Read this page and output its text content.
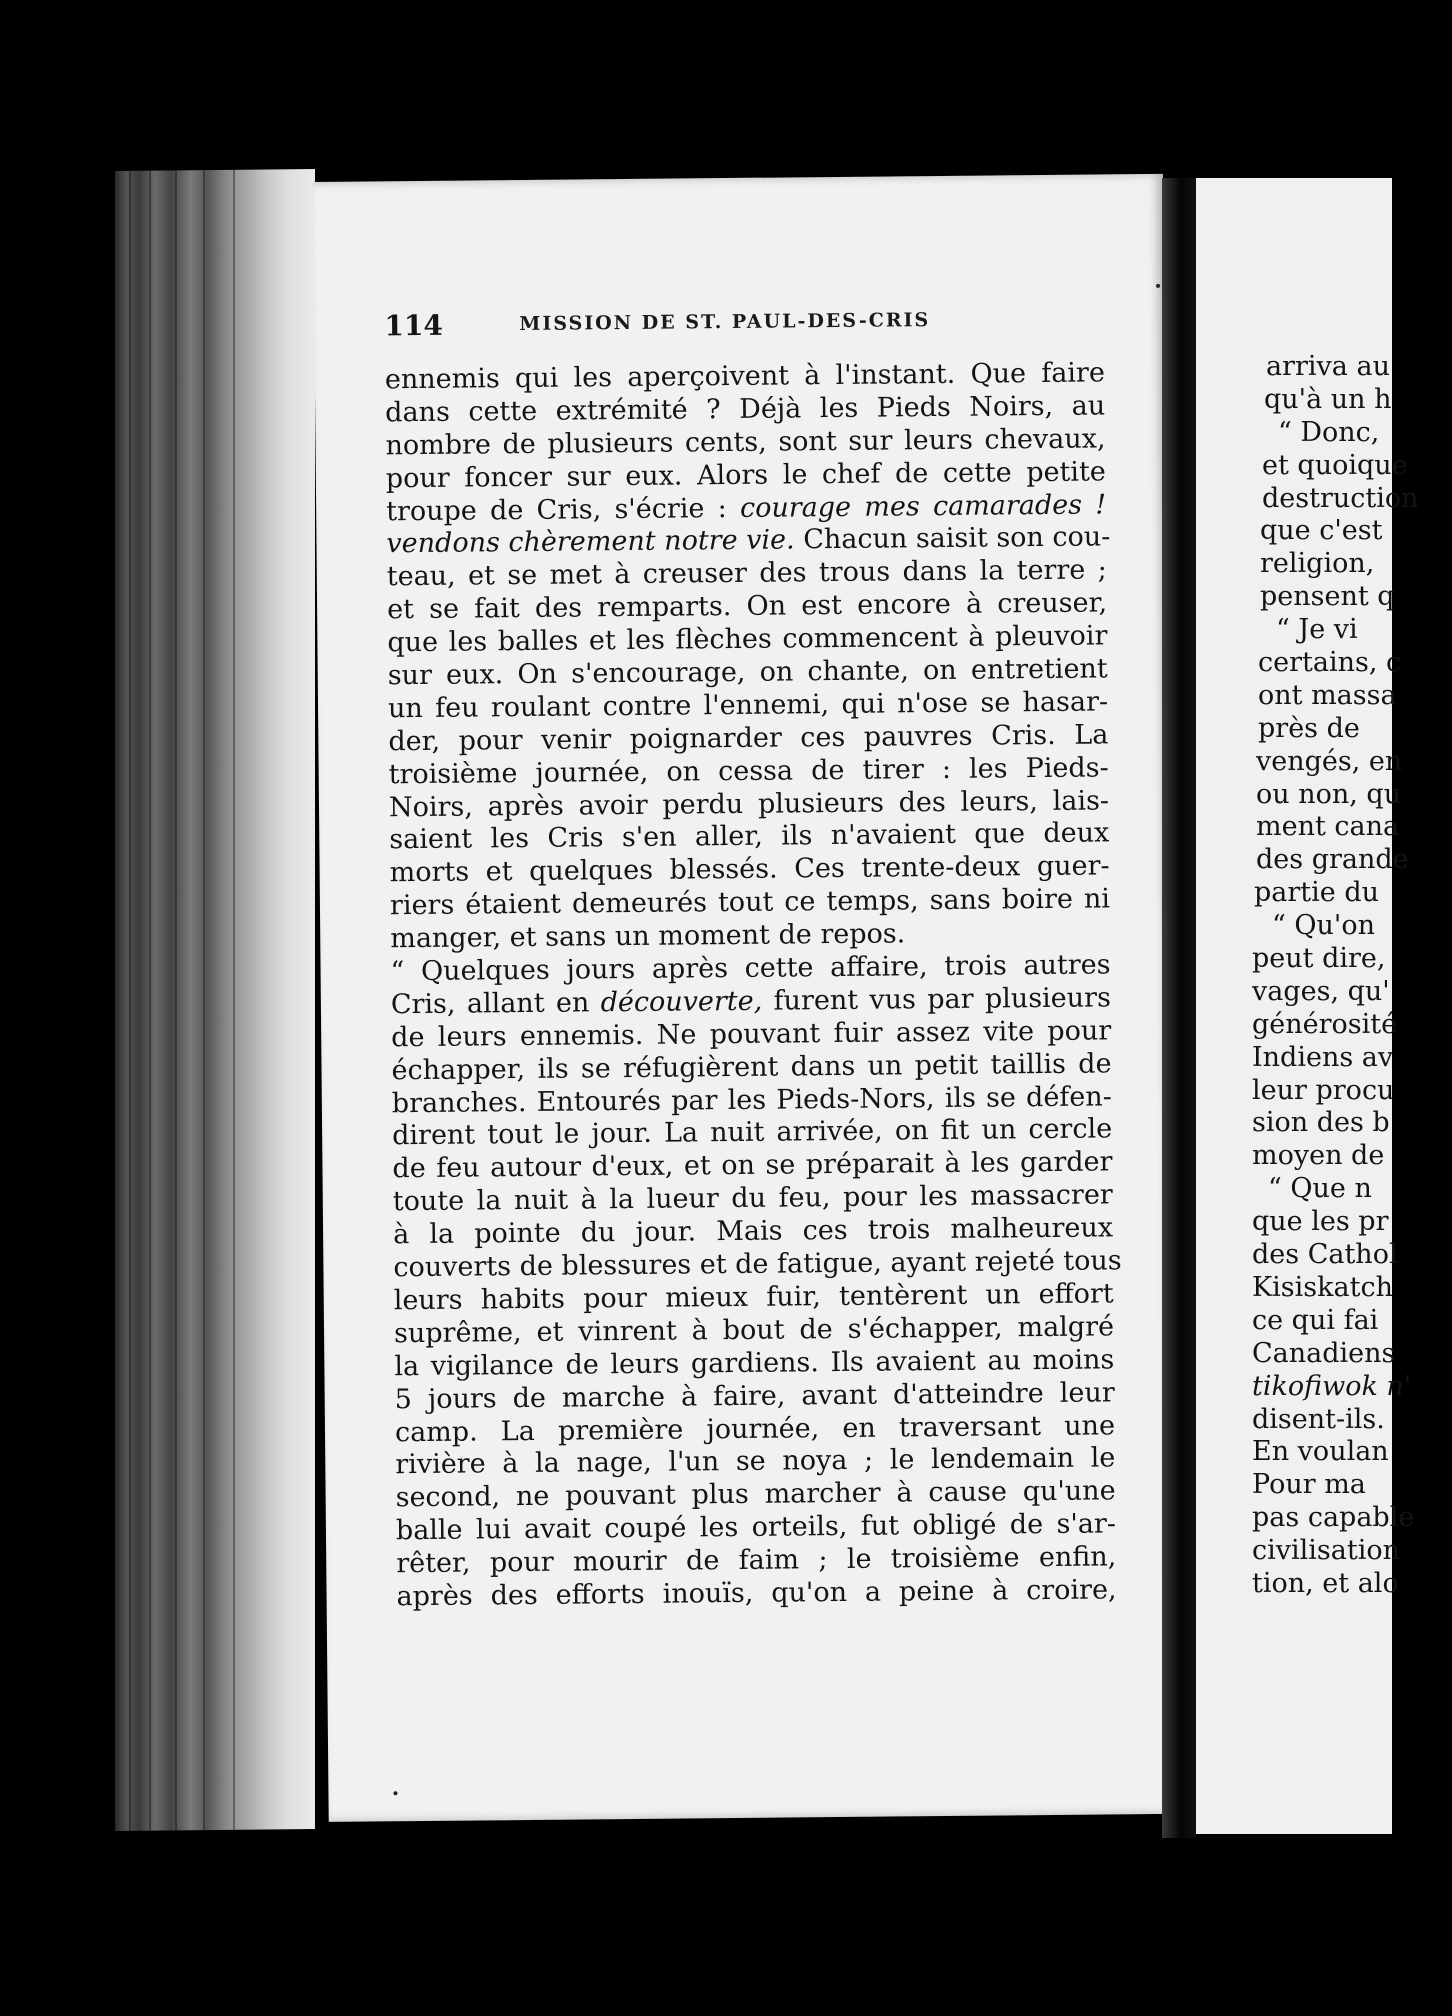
114	MISSION DE ST. PAUL-DES-CRIS
ennemis qui les aperçoivent à l'instant. Que faire
dans cette extrémité ? Déjà les Pieds Noirs, au
nombre de plusieurs cents, sont sur leurs chevaux,
pour foncer sur eux. Alors le chef de cette petite
troupe de Cris, s'écrie : courage mes camarades !
vendons chèrement notre vie. Chacun saisit son cou-
teau, et se met à creuser des trous dans la terre ;
et se fait des remparts. On est encore à creuser,
que les balles et les flèches commencent à pleuvoir
sur eux. On s'encourage, on chante, on entretient
un feu roulant contre l'ennemi, qui n'ose se hasar-
der, pour venir poignarder ces pauvres Cris. La
troisième journée, on cessa de tirer : les Pieds-
Noirs, après avoir perdu plusieurs des leurs, lais-
saient les Cris s'en aller, ils n'avaient que deux
morts et quelques blessés. Ces trente-deux guer-
riers étaient demeurés tout ce temps, sans boire ni
manger, et sans un moment de repos.
“ Quelques jours après cette affaire, trois autres
Cris, allant en découverte, furent vus par plusieurs
de leurs ennemis. Ne pouvant fuir assez vite pour
échapper, ils se réfugièrent dans un petit taillis de
branches. Entourés par les Pieds-Nors, ils se défen-
dirent tout le jour. La nuit arrivée, on fit un cercle
de feu autour d'eux, et on se préparait à les garder
toute la nuit à la lueur du feu, pour les massacrer
à la pointe du jour. Mais ces trois malheureux
couverts de blessures et de fatigue, ayant rejeté tous
leurs habits pour mieux fuir, tentèrent un effort
suprême, et vinrent à bout de s'échapper, malgré
la vigilance de leurs gardiens. Ils avaient au moins
5 jours de marche à faire, avant d'atteindre leur
camp. La première journée, en traversant une
rivière à la nage, l'un se noya ; le lendemain le
second, ne pouvant plus marcher à cause qu'une
balle lui avait coupé les orteils, fut obligé de s'ar-
rêter, pour mourir de faim ; le troisième enfin,
après des efforts inouïs, qu'on a peine à croire,
arriva au
qu'à un h
“ Donc,
et quoique
destruction
que c'est
religion,
pensent q
“ Je vi
certains, c
ont massa
près de
vengés, en
ou non, qu
ment cana
des grande
partie du
“ Qu'on
peut dire,
vages, qu'
générosité
Indiens av
leur procu
sion des b
moyen de
“ Que n
que les pr
des Cathol
Kisiskatch
ce qui fai
Canadiens
tikofiwok n'
disent-ils.
En voulan
Pour ma
pas capable
civilisation
tion, et alo
